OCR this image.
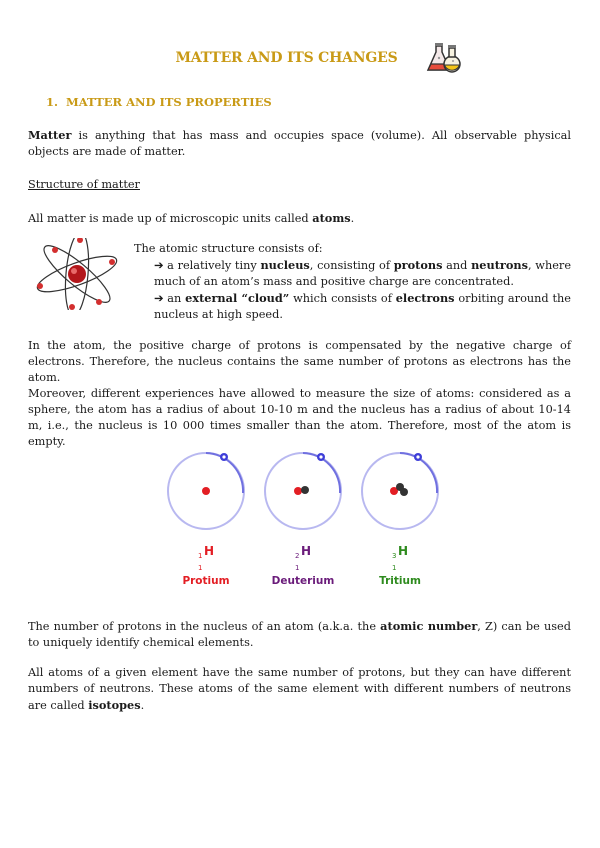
MATTER AND ITS CHANGES
1. MATTER AND ITS PROPERTIES
Matter is anything that has mass and occupies space (volume). All observable physical objects are made of matter.
Structure of matter
All matter is made up of microscopic units called atoms.
The atomic structure consists of:
➔ a relatively tiny nucleus, consisting of protons and neutrons, where much of an atom’s mass and positive charge are concentrated.
➔ an external “cloud” which consists of electrons orbiting around the nucleus at high speed.
In the atom, the positive charge of protons is compensated by the negative charge of electrons. Therefore, the nucleus contains the same number of protons as electrons has the atom.
Moreover, different experiences have allowed to measure the size of atoms: considered as a sphere, the atom has a radius of about 10-10 m and the nucleus has a radius of about 10-14 m, i.e., the nucleus is 10 000 times smaller than the atom. Therefore, most of the atom is empty.
1
1
H	2
1
H	3
1
H
Protium	Deuterium	Tritium
The number of protons in the nucleus of an atom (a.k.a. the atomic number, Z) can be used to uniquely identify chemical elements.
All atoms of a given element have the same number of protons, but they can have different numbers of neutrons. These atoms of the same element with different numbers of neutrons are called isotopes.
